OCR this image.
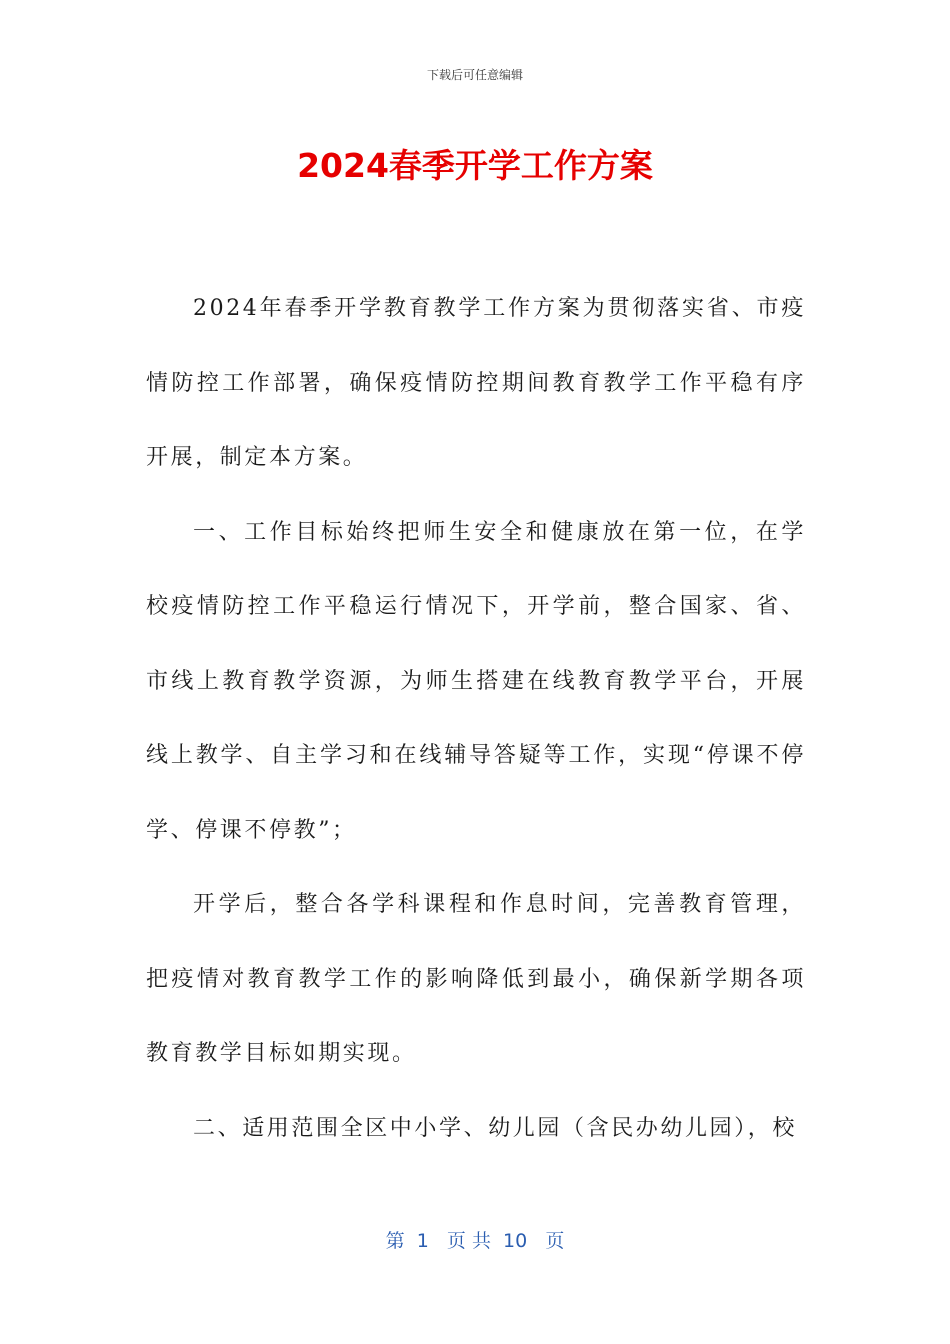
下载后可任意编辑
2024春季开学工作方案

2024年春季开学教育教学工作方案为贯彻落实省、市疫情防控工作部署，确保疫情防控期间教育教学工作平稳有序开展，制定本方案。

一、工作目标始终把师生安全和健康放在第一位，在学校疫情防控工作平稳运行情况下，开学前，整合国家、省、市线上教育教学资源，为师生搭建在线教育教学平台，开展线上教学、自主学习和在线辅导答疑等工作，实现“停课不停学、停课不停教”；

开学后，整合各学科课程和作息时间，完善教育管理，把疫情对教育教学工作的影响降低到最小，确保新学期各项教育教学目标如期实现。

二、适用范围全区中小学、幼儿园（含民办幼儿园），校

第  1   页 共  10   页
